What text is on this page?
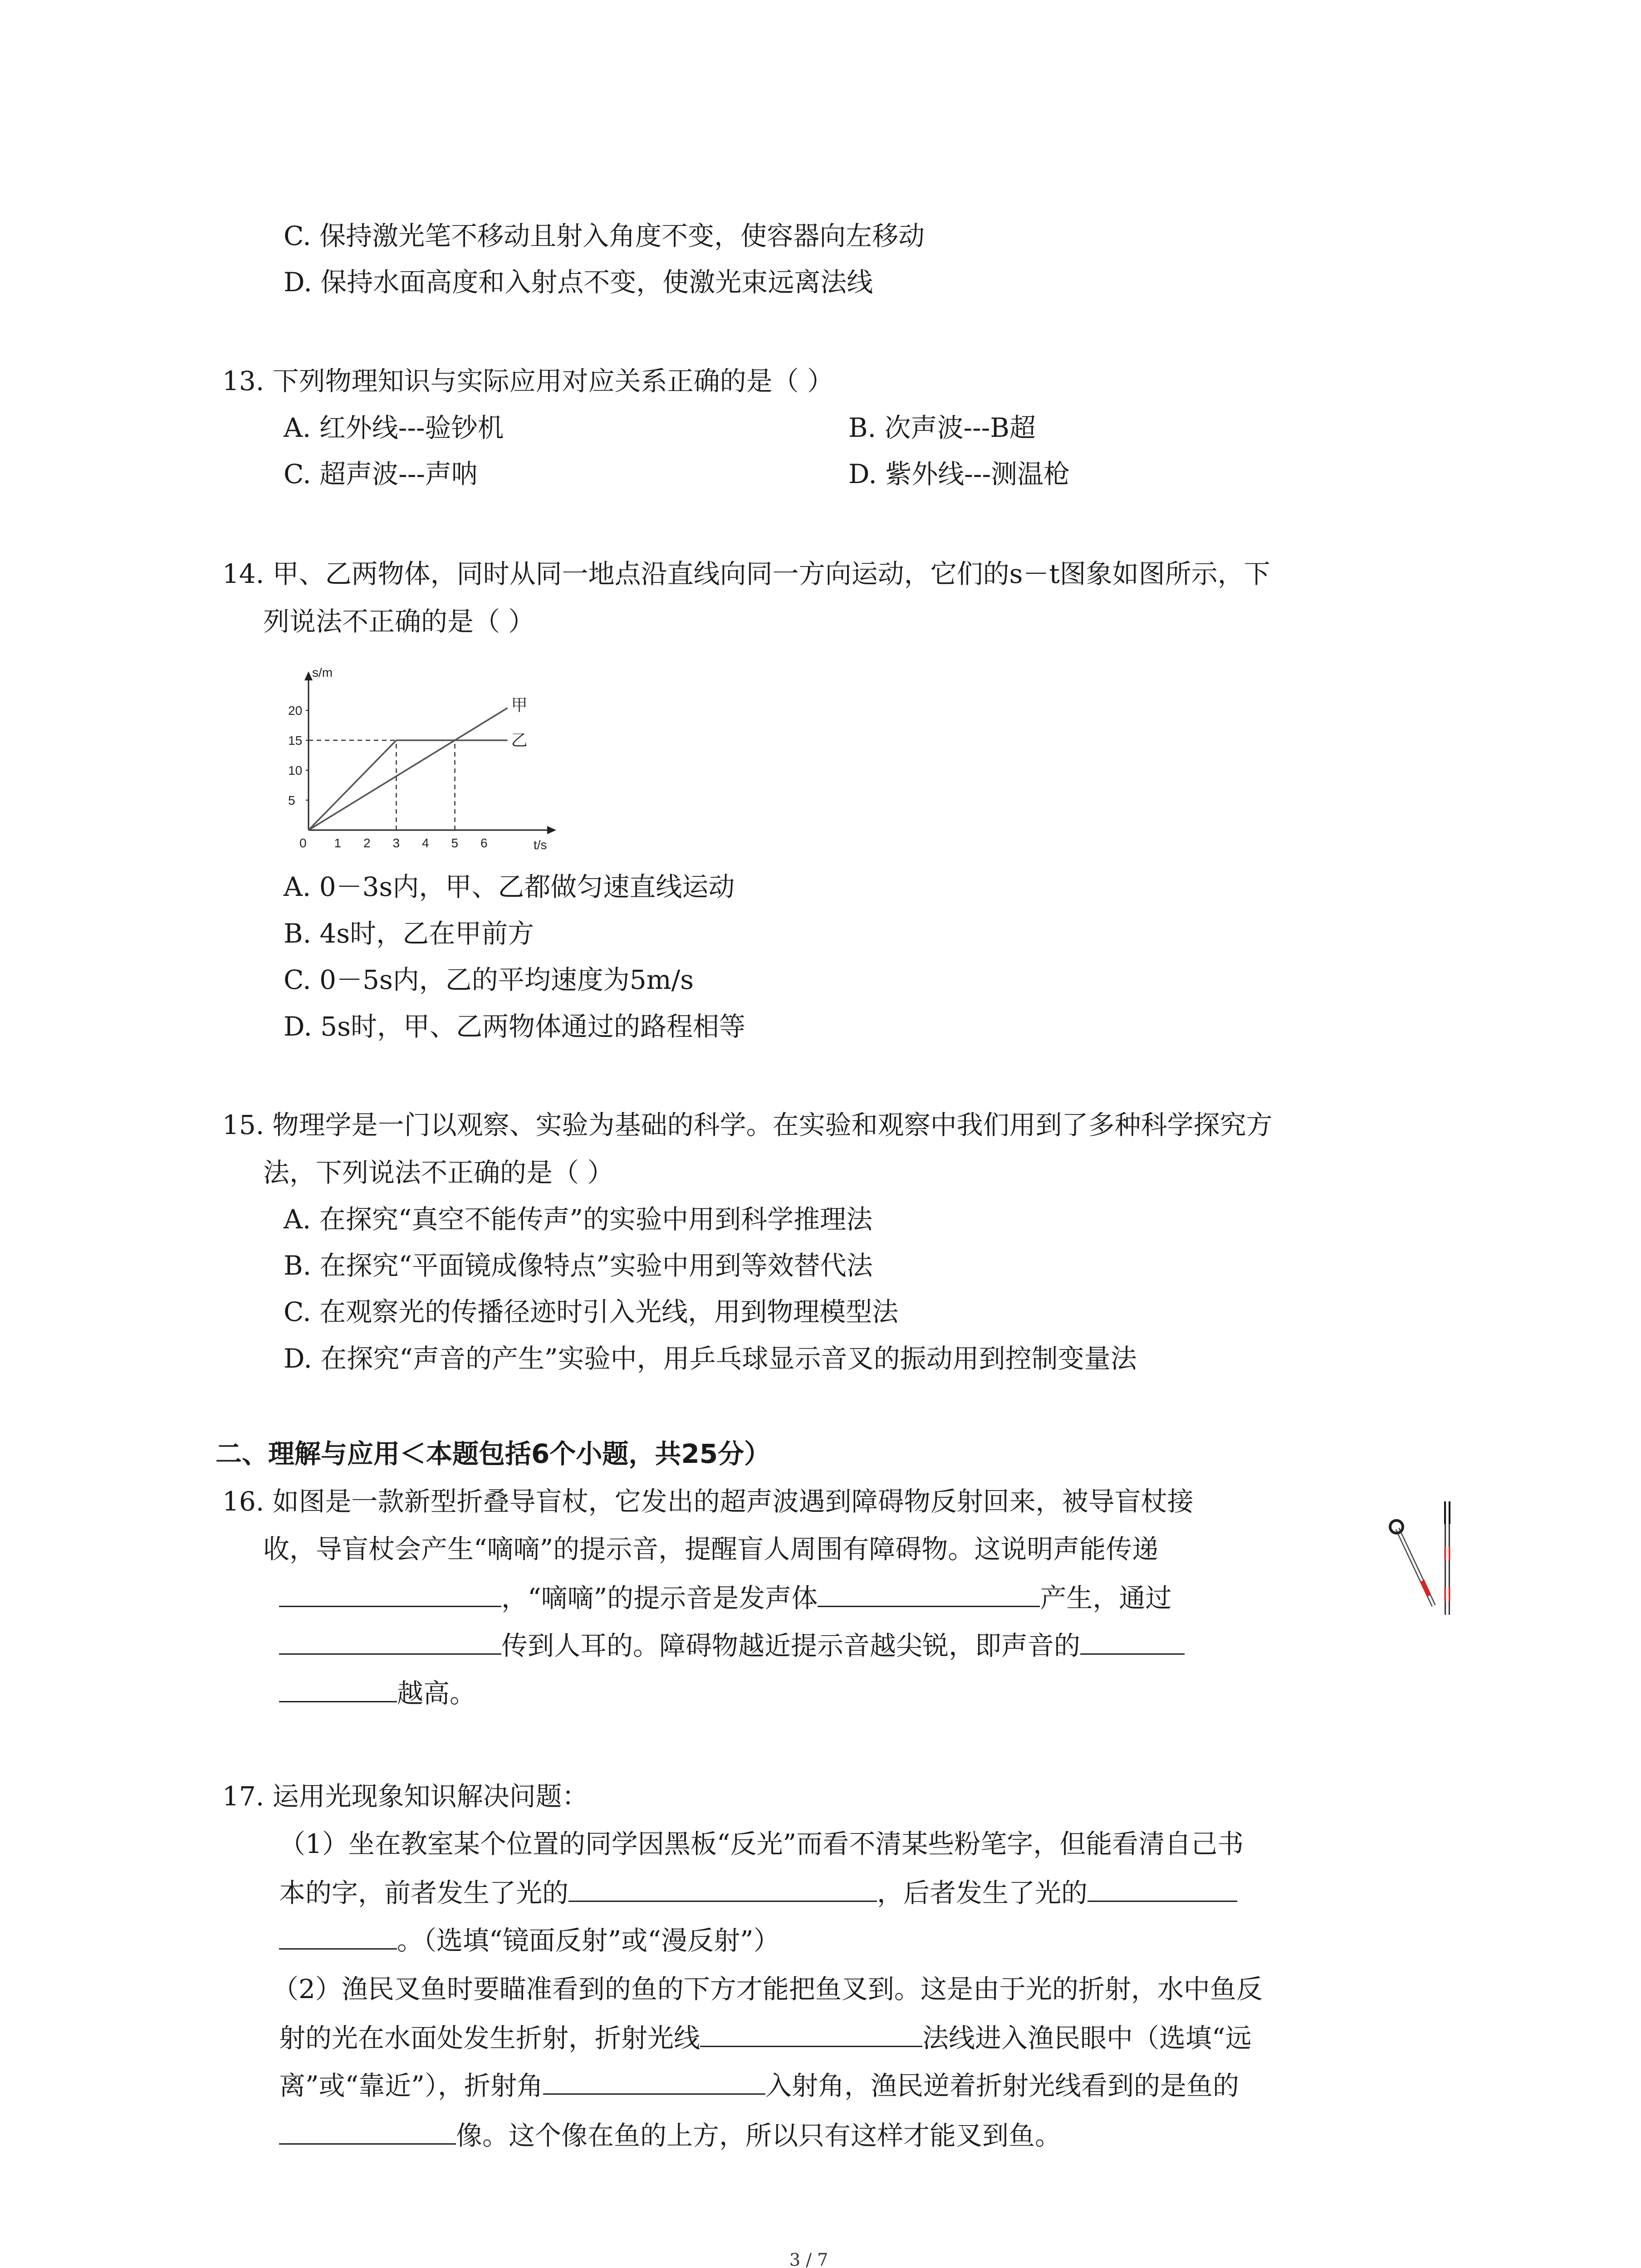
C. 保持激光笔不移动且射入角度不变，使容器向左移动
D. 保持水面高度和入射点不变，使激光束远离法线
13. 下列物理知识与实际应用对应关系正确的是（ ）
A. 红外线---验钞机	B. 次声波---B超
C. 超声波---声呐	D. 紫外线---测温枪
14. 甲、乙两物体，同时从同一地点沿直线向同一方向运动，它们的s－t图象如图所示，下
列说法不正确的是（ ）
甲
乙
0 1 2 3 4 5 6
5
10
15
20
s/m
t/s
A. 0－3s内，甲、乙都做匀速直线运动
B. 4s时，乙在甲前方
C. 0－5s内，乙的平均速度为5m/s
D. 5s时，甲、乙两物体通过的路程相等
15. 物理学是一门以观察、实验为基础的科学。在实验和观察中我们用到了多种科学探究方
法，下列说法不正确的是（ ）
A. 在探究“真空不能传声”的实验中用到科学推理法
B. 在探究“平面镜成像特点”实验中用到等效替代法
C. 在观察光的传播径迹时引入光线，用到物理模型法
D. 在探究“声音的产生”实验中，用乒乓球显示音叉的振动用到控制变量法
二、理解与应用＜本题包括6个小题，共25分）
16. 如图是一款新型折叠导盲杖，它发出的超声波遇到障碍物反射回来，被导盲杖接
收，导盲杖会产生“嘀嘀”的提示音，提醒盲人周围有障碍物。这说明声能传递
，“嘀嘀”的提示音是发声体	产生，通过
传到人耳的。障碍物越近提示音越尖锐，即声音的
越高。
17. 运用光现象知识解决问题：
（1）坐在教室某个位置的同学因黑板“反光”而看不清某些粉笔字，但能看清自己书
本的字，前者发生了光的	，后者发生了光的
。（选填“镜面反射”或“漫反射”）
（2）渔民叉鱼时要瞄准看到的鱼的下方才能把鱼叉到。这是由于光的折射，水中鱼反
射的光在水面处发生折射，折射光线	法线进入渔民眼中（选填“远
离”或“靠近”），折射角	入射角，渔民逆着折射光线看到的是鱼的
像。这个像在鱼的上方，所以只有这样才能叉到鱼。
3 / 7
